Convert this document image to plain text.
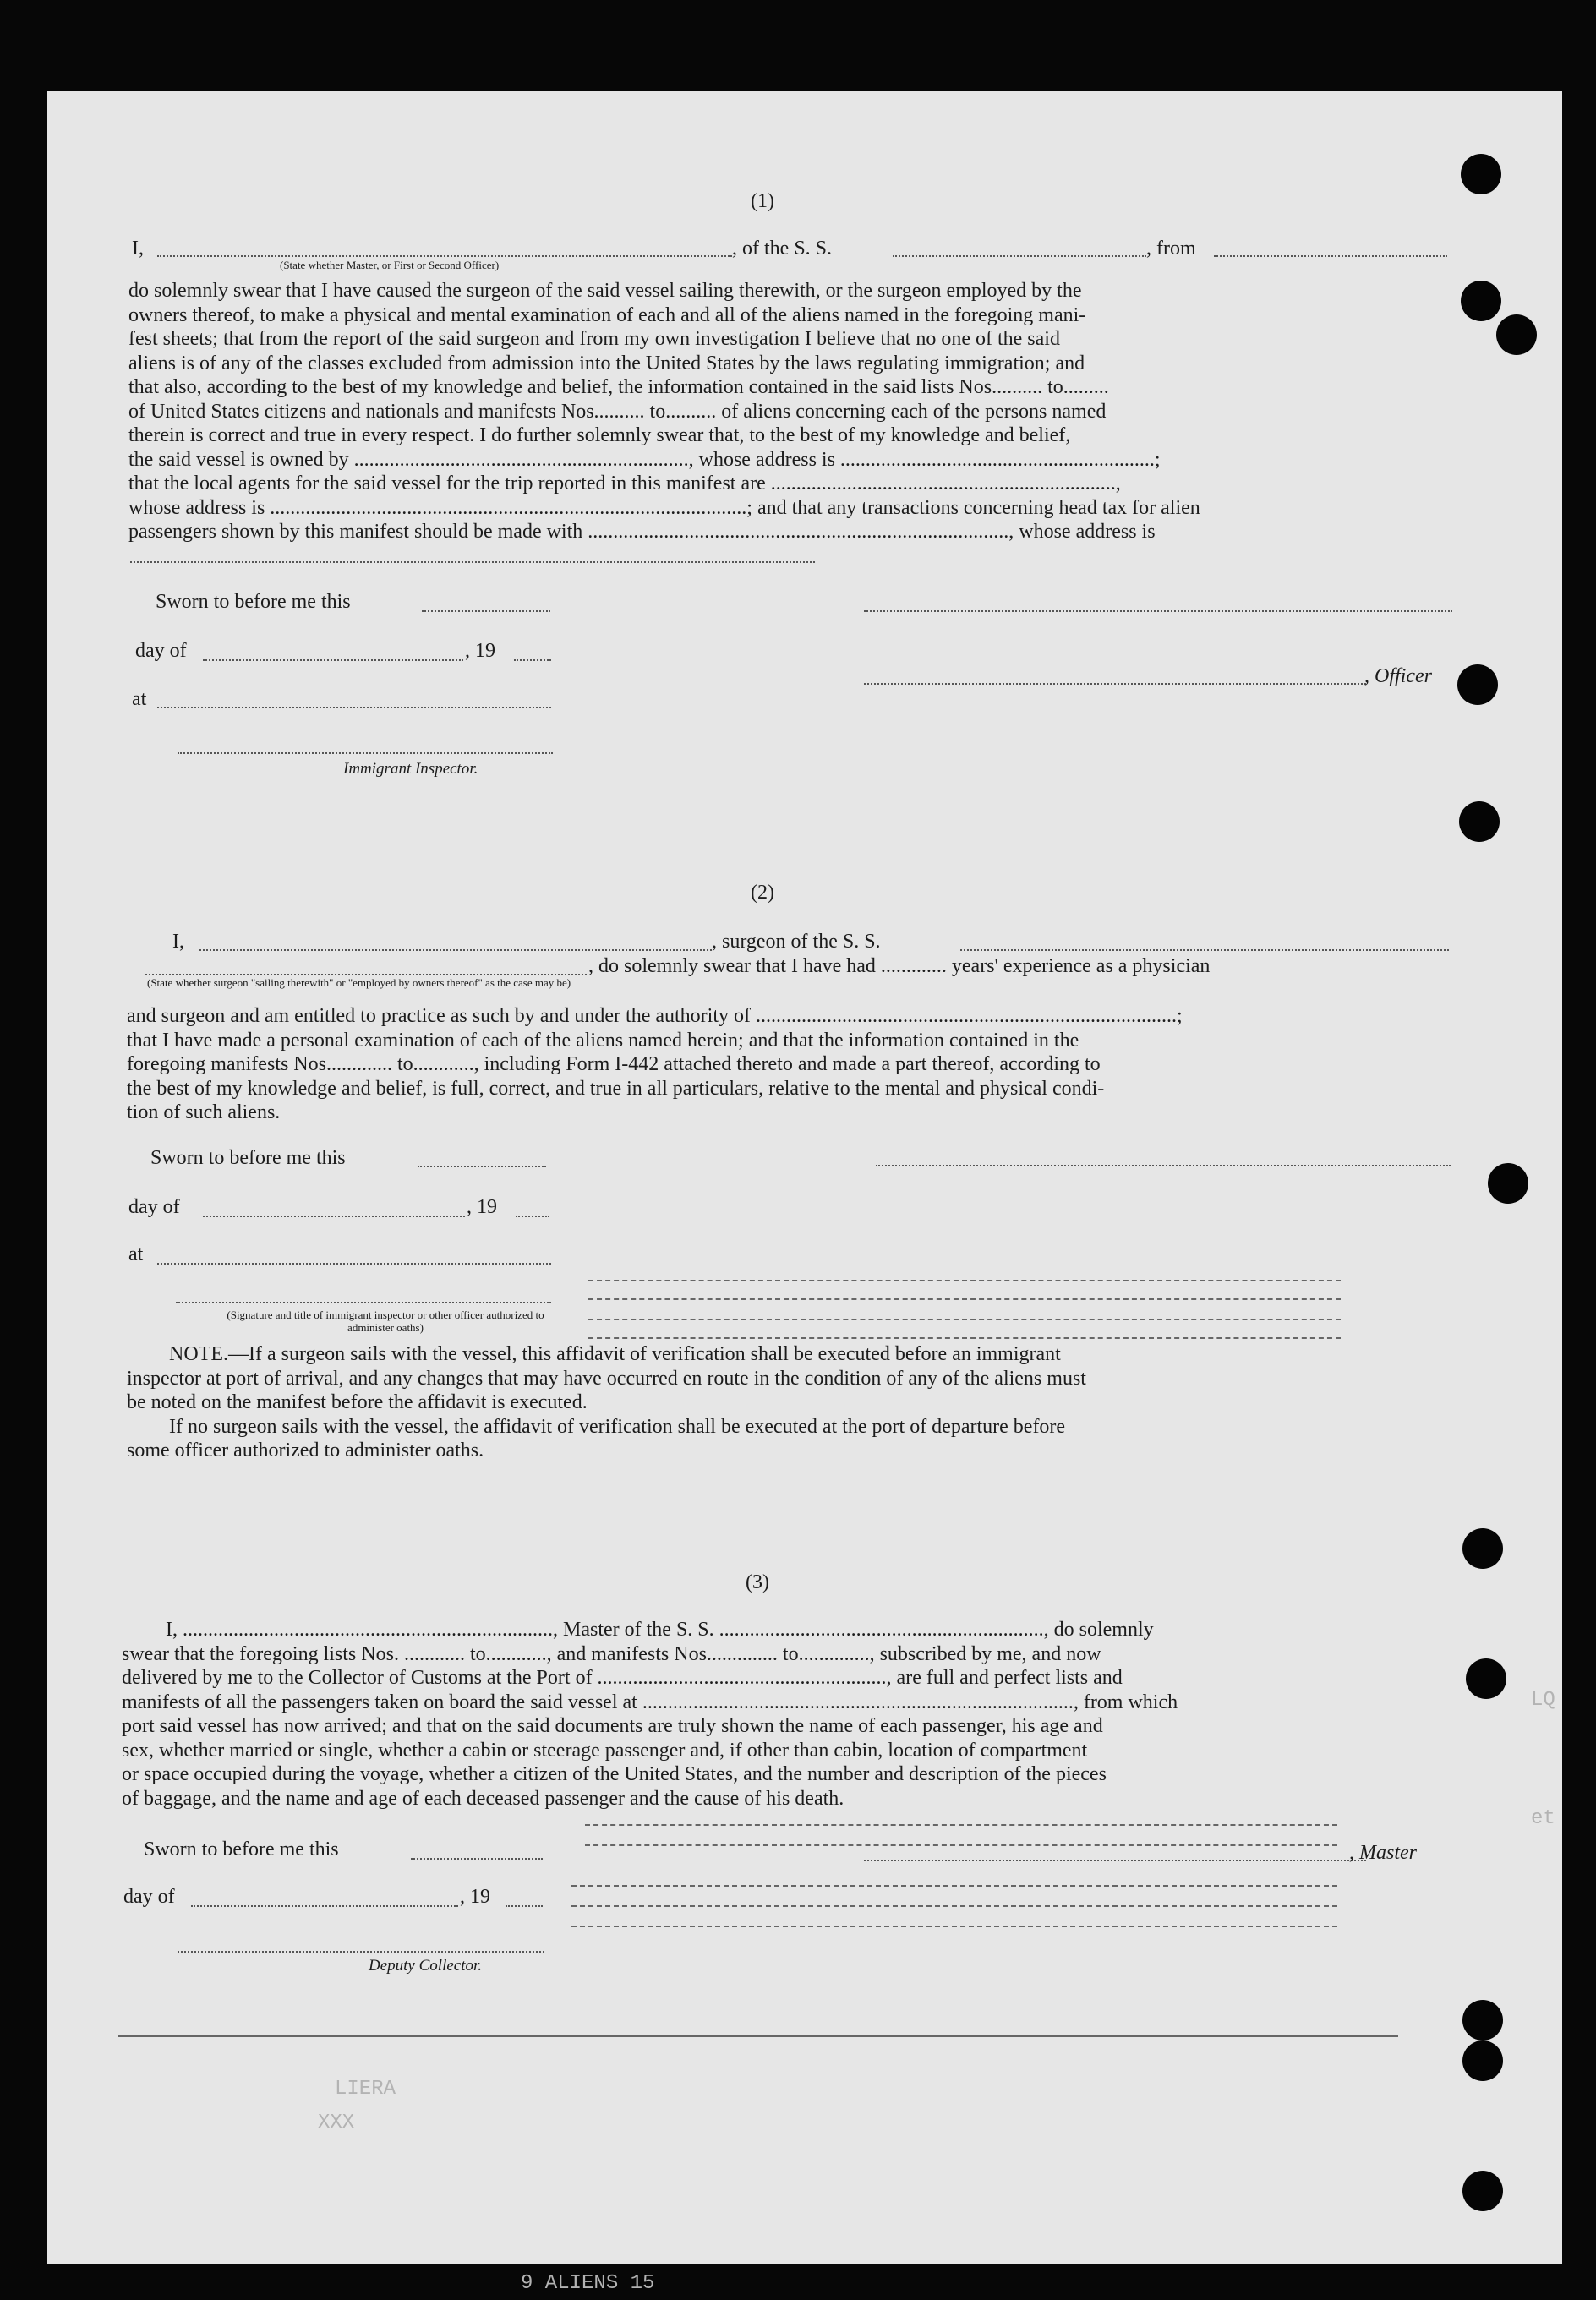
LIERA
XXX
LQ
et
9 ALIENS 15
(1)
I,	, of the S. S.	, from
(State whether Master, or First or Second Officer)
do solemnly swear that I have caused the surgeon of the said vessel sailing therewith, or the surgeon employed by the
owners thereof, to make a physical and mental examination of each and all of the aliens named in the foregoing mani-
fest sheets; that from the report of the said surgeon and from my own investigation I believe that no one of the said
aliens is of any of the classes excluded from admission into the United States by the laws regulating immigration; and
that also, according to the best of my knowledge and belief, the information contained in the said lists Nos.......... to.........
of United States citizens and nationals and manifests Nos.......... to.......... of aliens concerning each of the persons named
therein is correct and true in every respect. I do further solemnly swear that, to the best of my knowledge and belief,
the said vessel is owned by .................................................................., whose address is ..............................................................;
that the local agents for the said vessel for the trip reported in this manifest are ....................................................................,
whose address is ..............................................................................................; and that any transactions concerning head tax for alien
passengers shown by this manifest should be made with ..................................................................................., whose address is
Sworn to before me this
day of	, 19
at
, Officer
Immigrant Inspector.
(2)
I,	, surgeon of the S. S.
, do solemnly swear that I have had ............. years' experience as a physician
(State whether surgeon "sailing therewith" or "employed by owners thereof" as the case may be)
and surgeon and am entitled to practice as such by and under the authority of ...................................................................................;
that I have made a personal examination of each of the aliens named herein; and that the information contained in the
foregoing manifests Nos............. to............, including Form I-442 attached thereto and made a part thereof, according to
the best of my knowledge and belief, is full, correct, and true in all particulars, relative to the mental and physical condi-
tion of such aliens.
Sworn to before me this
day of	, 19
at
(Signature and title of immigrant inspector or other officer authorized to administer oaths)
NOTE.—If a surgeon sails with the vessel, this affidavit of verification shall be executed before an immigrant
inspector at port of arrival, and any changes that may have occurred en route in the condition of any of the aliens must
be noted on the manifest before the affidavit is executed.
If no surgeon sails with the vessel, the affidavit of verification shall be executed at the port of departure before
some officer authorized to administer oaths.
(3)
I, ........................................................................., Master of the S. S. ................................................................, do solemnly
swear that the foregoing lists Nos. ............ to............, and manifests Nos.............. to.............., subscribed by me, and now
delivered by me to the Collector of Customs at the Port of ........................................................., are full and perfect lists and
manifests of all the passengers taken on board the said vessel at ....................................................................................., from which
port said vessel has now arrived; and that on the said documents are truly shown the name of each passenger, his age and
sex, whether married or single, whether a cabin or steerage passenger and, if other than cabin, location of compartment
or space occupied during the voyage, whether a citizen of the United States, and the number and description of the pieces
of baggage, and the name and age of each deceased passenger and the cause of his death.
Sworn to before me this	, Master
day of	, 19
Deputy Collector.
